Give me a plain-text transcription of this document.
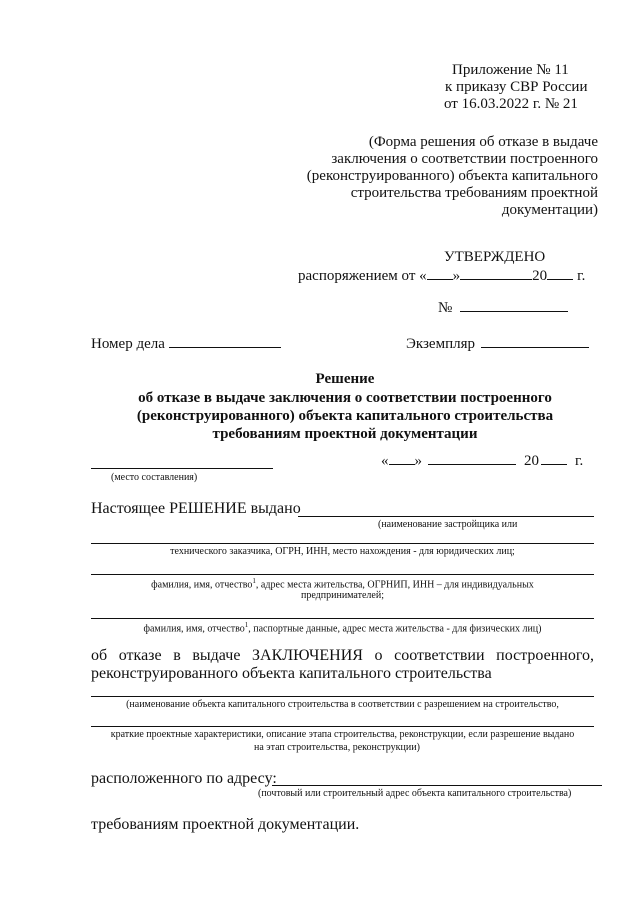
Приложение № 11
к приказу СВР России
от 16.03.2022 г. № 21
(Форма решения об отказе в выдаче
заключения о соответствии построенного
(реконструированного) объекта капитального
строительства требованиям проектной
документации)
УТВЕРЖДЕНО
распоряжением от « »	20 г.
№
Номер дела	Экземпляр
Решение
об отказе в выдаче заключения о соответствии построенного
(реконструированного) объекта капитального строительства
требованиям проектной документации
(место составления)
« »	20 г.
Настоящее РЕШЕНИЕ выдано
(наименование застройщика или
технического заказчика, ОГРН, ИНН, место нахождения - для юридических лиц;
фамилия, имя, отчество$^1$, адрес места жительства, ОГРНИП, ИНН – для индивидуальных
предпринимателей;
фамилия, имя, отчество$^1$, паспортные данные, адрес места жительства - для физических лиц)
об отказе в выдаче ЗАКЛЮЧЕНИЯ о соответствии построенного,
реконструированного объекта капитального строительства
(наименование объекта капитального строительства в соответствии с разрешением на строительство,
краткие проектные характеристики, описание этапа строительства, реконструкции, если разрешение выдано
на этап строительства, реконструкции)
расположенного по адресу:
(почтовый или строительный адрес объекта капитального строительства)
требованиям проектной документации.
